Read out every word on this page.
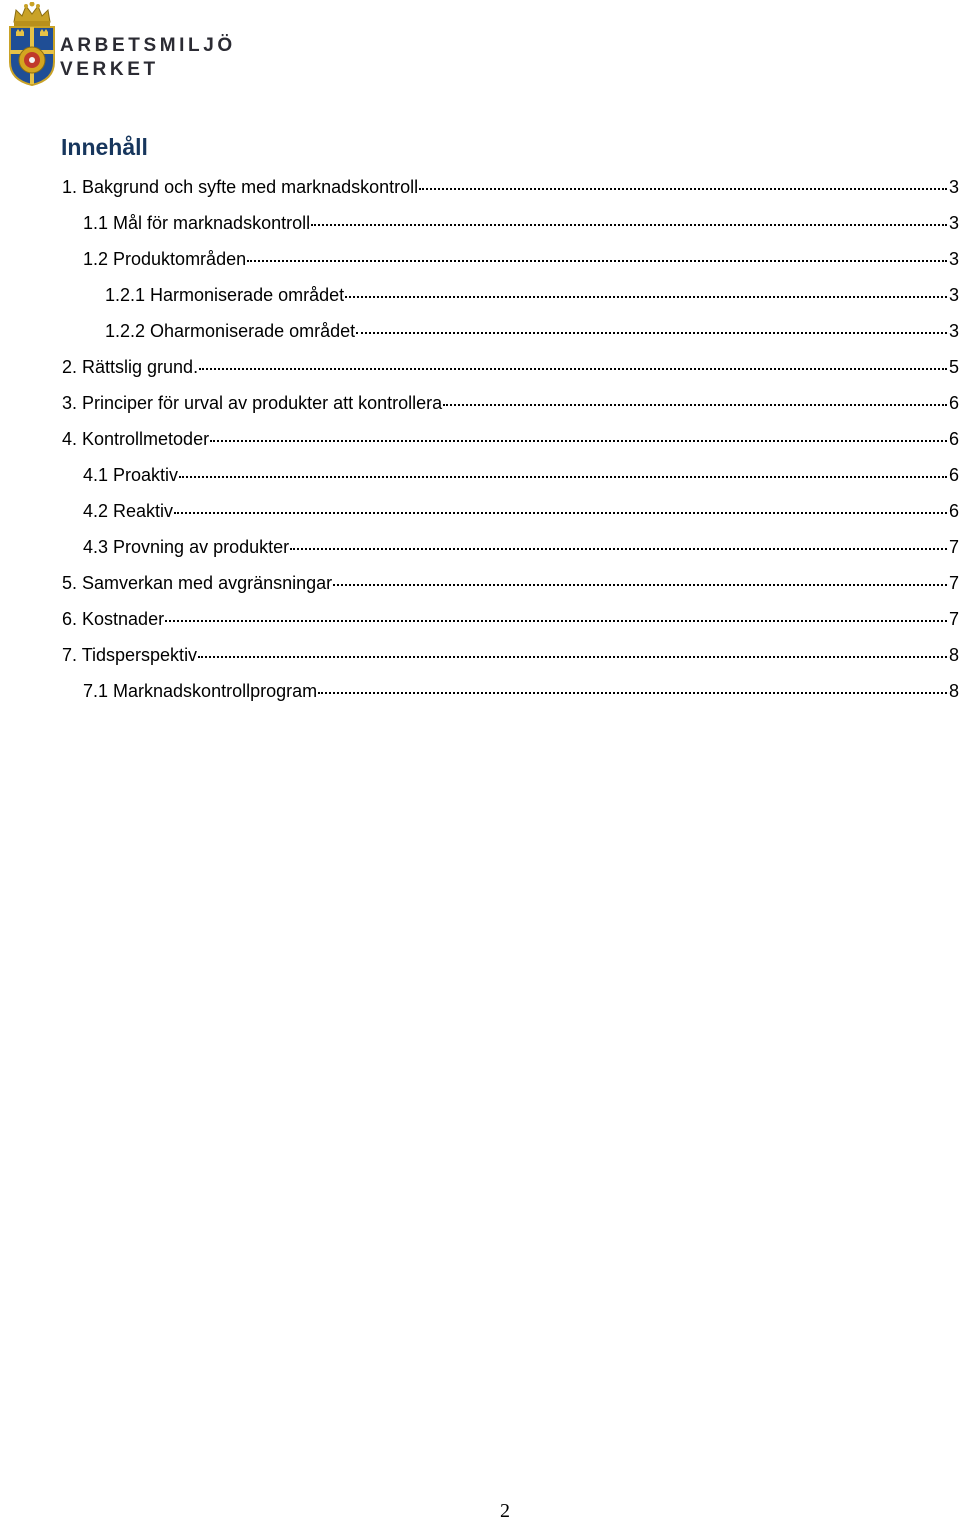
ARBETSMILJÖ
VERKET
Innehåll
1. Bakgrund och syfte med marknadskontroll	3
1.1 Mål för marknadskontroll	3
1.2 Produktområden	3
1.2.1 Harmoniserade området	3
1.2.2 Oharmoniserade området	3
2. Rättslig grund.	5
3. Principer för urval av produkter att kontrollera	6
4. Kontrollmetoder	6
4.1 Proaktiv	6
4.2 Reaktiv	6
4.3 Provning av produkter	7
5. Samverkan med avgränsningar	7
6. Kostnader	7
7. Tidsperspektiv	8
7.1 Marknadskontrollprogram	8
2
